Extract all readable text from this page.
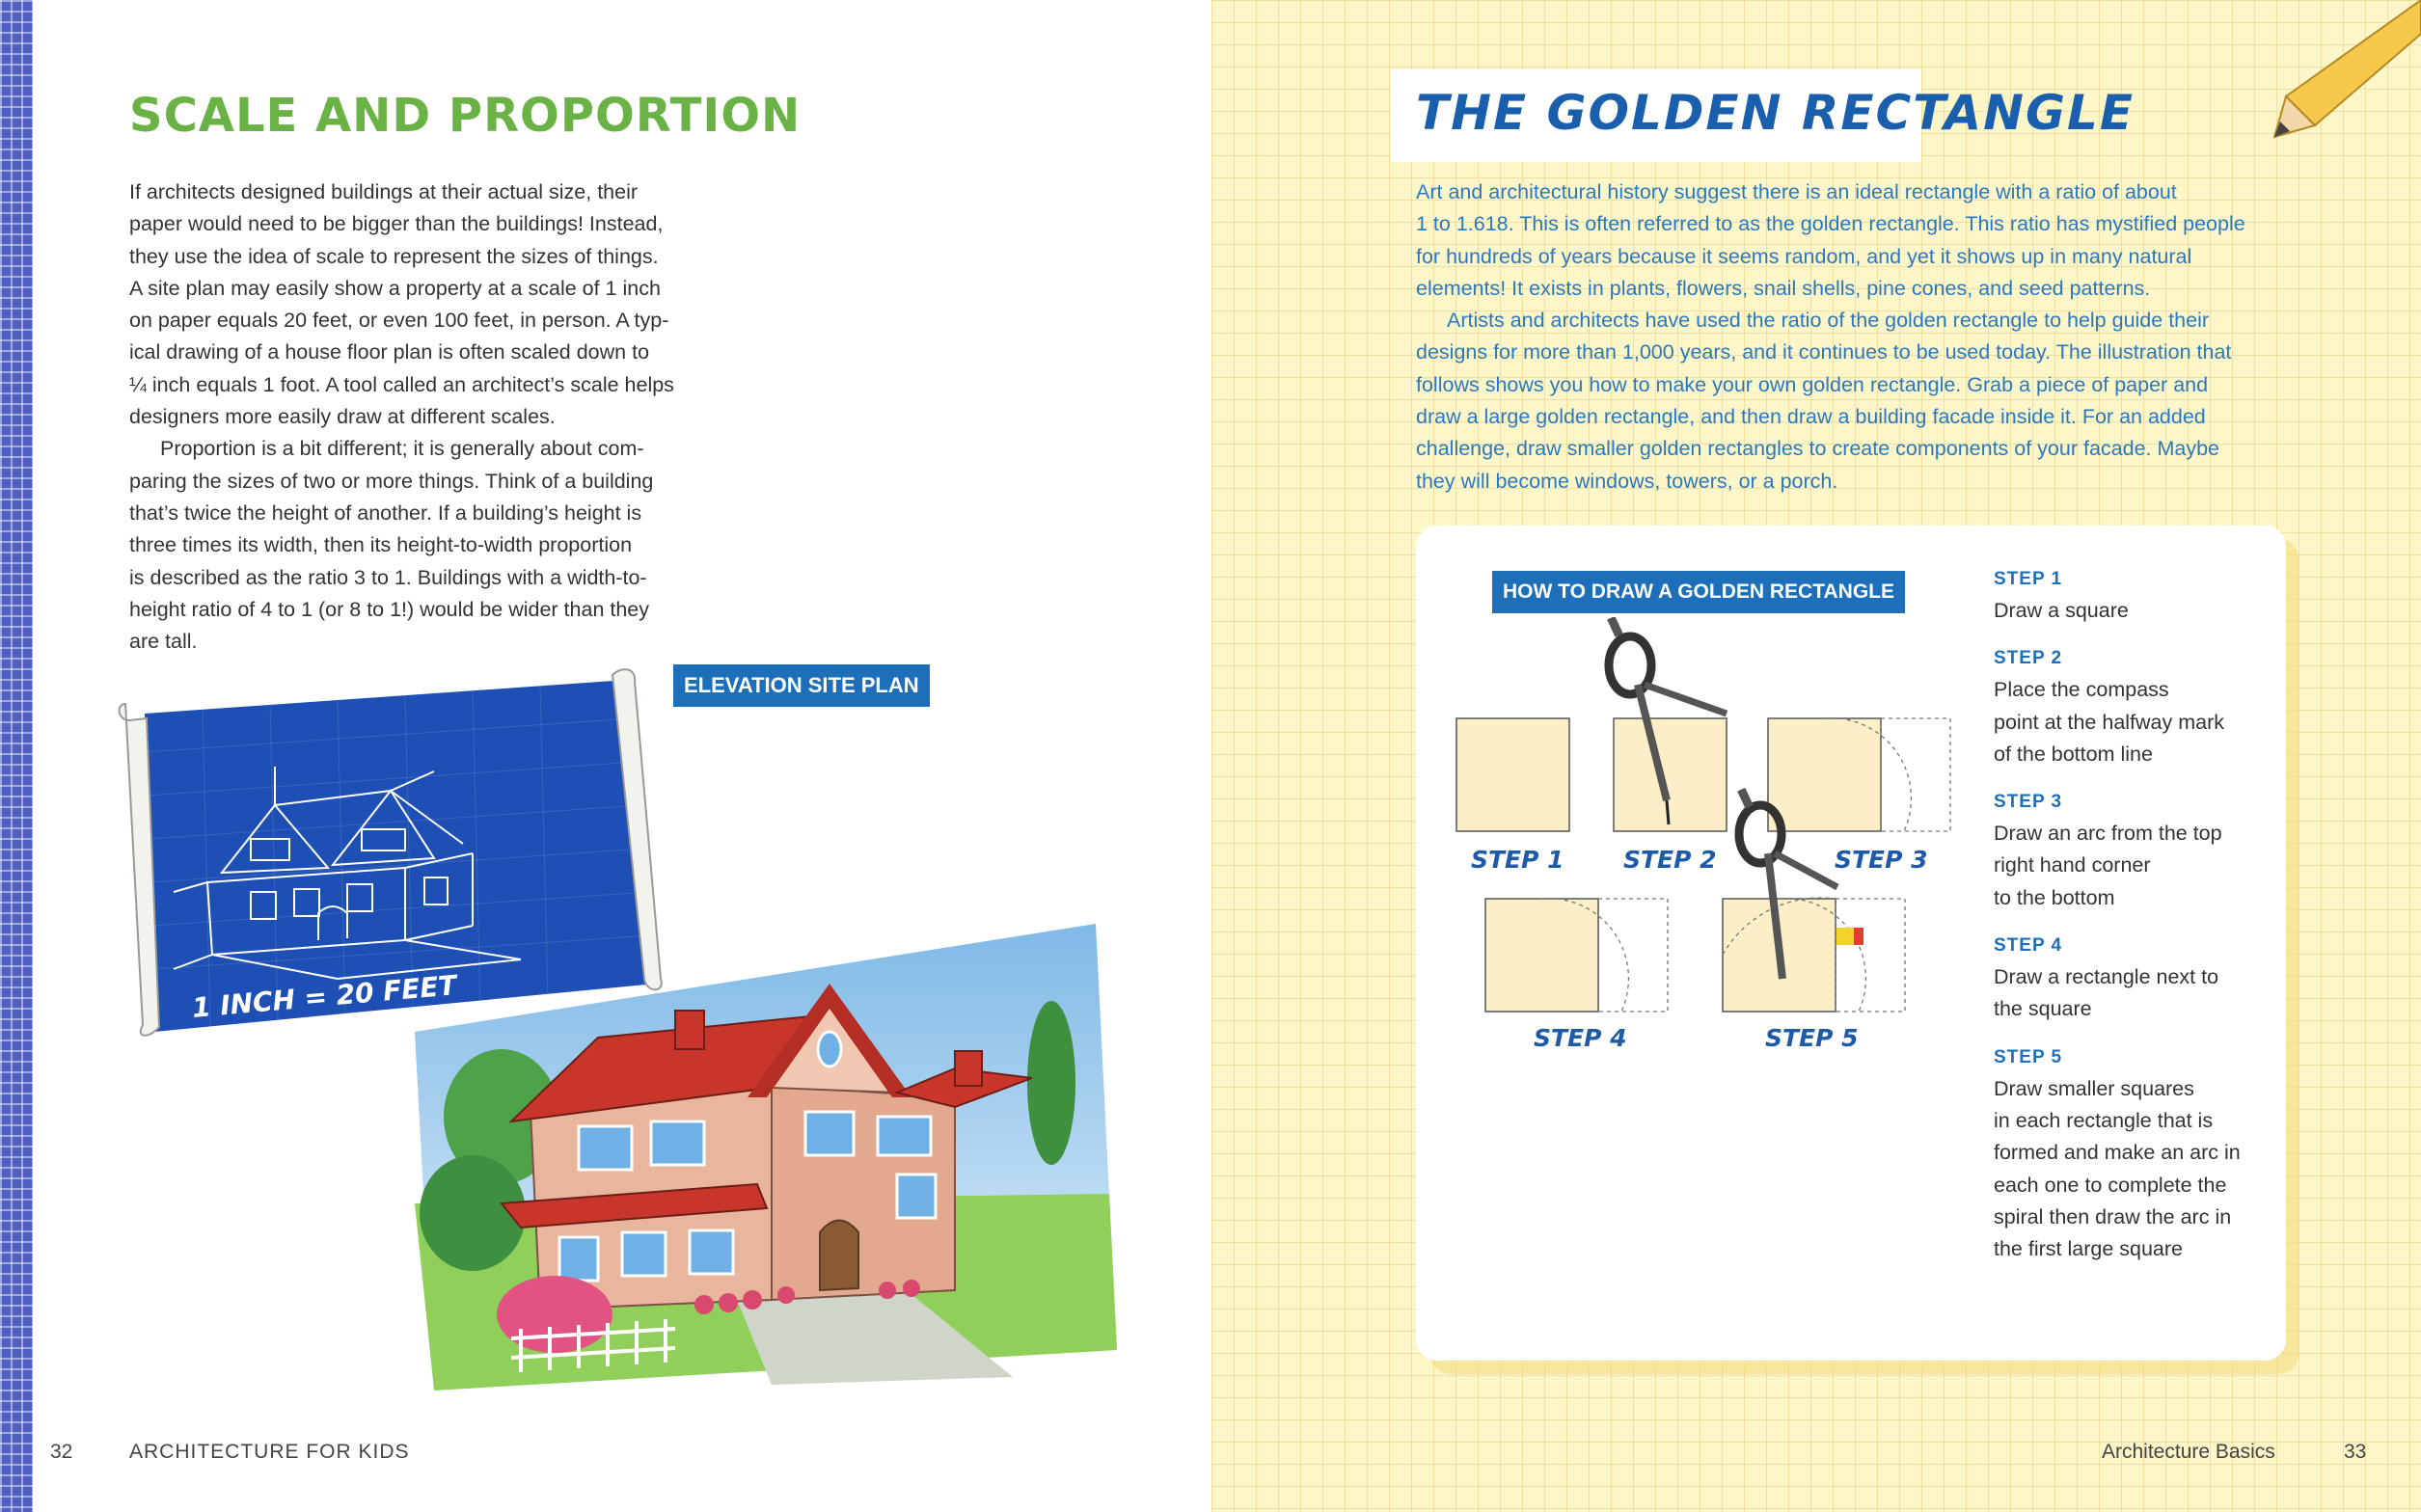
SCALE AND PROPORTION

If architects designed buildings at their actual size, their
paper would need to be bigger than the buildings! Instead,
they use the idea of scale to represent the sizes of things.
A site plan may easily show a property at a scale of 1 inch
on paper equals 20 feet, or even 100 feet, in person. A typ-
ical drawing of a house floor plan is often scaled down to
¼ inch equals 1 foot. A tool called an architect’s scale helps
designers more easily draw at different scales.

Proportion is a bit different; it is generally about com-
paring the sizes of two or more things. Think of a building
that’s twice the height of another. If a building’s height is
three times its width, then its height-to-width proportion
is described as the ratio 3 to 1. Buildings with a width-to-
height ratio of 4 to 1 (or 8 to 1!) would be wider than they
are tall.

ELEVATION SITE PLAN
1 INCH = 20 FEET
32	ARCHITECTURE FOR KIDS
THE GOLDEN RECTANGLE

Art and architectural history suggest there is an ideal rectangle with a ratio of about
1 to 1.618. This is often referred to as the golden rectangle. This ratio has mystified people
for hundreds of years because it seems random, and yet it shows up in many natural
elements! It exists in plants, flowers, snail shells, pine cones, and seed patterns.

Artists and architects have used the ratio of the golden rectangle to help guide their
designs for more than 1,000 years, and it continues to be used today. The illustration that
follows shows you how to make your own golden rectangle. Grab a piece of paper and
draw a large golden rectangle, and then draw a building facade inside it. For an added
challenge, draw smaller golden rectangles to create components of your facade. Maybe
they will become windows, towers, or a porch.

HOW TO DRAW A GOLDEN RECTANGLE
STEP 1 STEP 2	STEP 3
STEP 4	STEP 5

STEP 1

Draw a square

STEP 2

Place the compass
point at the halfway mark
of the bottom line

STEP 3

Draw an arc from the top
right hand corner
to the bottom

STEP 4

Draw a rectangle next to
the square

STEP 5

Draw smaller squares
in each rectangle that is
formed and make an arc in
each one to complete the
spiral then draw the arc in
the first large square

Architecture Basics	33
